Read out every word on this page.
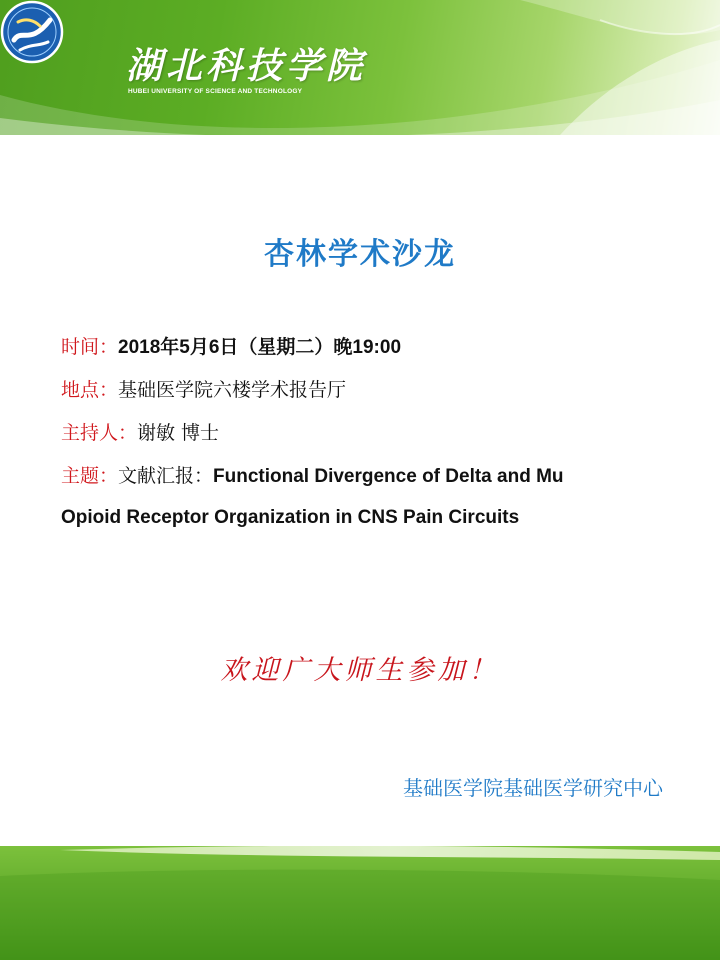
湖北科技学院
HUBEI UNIVERSITY OF SCIENCE AND TECHNOLOGY
杏林学术沙龙
时间：2018年5月6日（星期二）晚19:00
地点：基础医学院六楼学术报告厅
主持人：谢敏 博士
主题：文献汇报：Functional Divergence of Delta and Mu
Opioid Receptor Organization in CNS Pain Circuits
欢迎广大师生参加！
基础医学院基础医学研究中心
